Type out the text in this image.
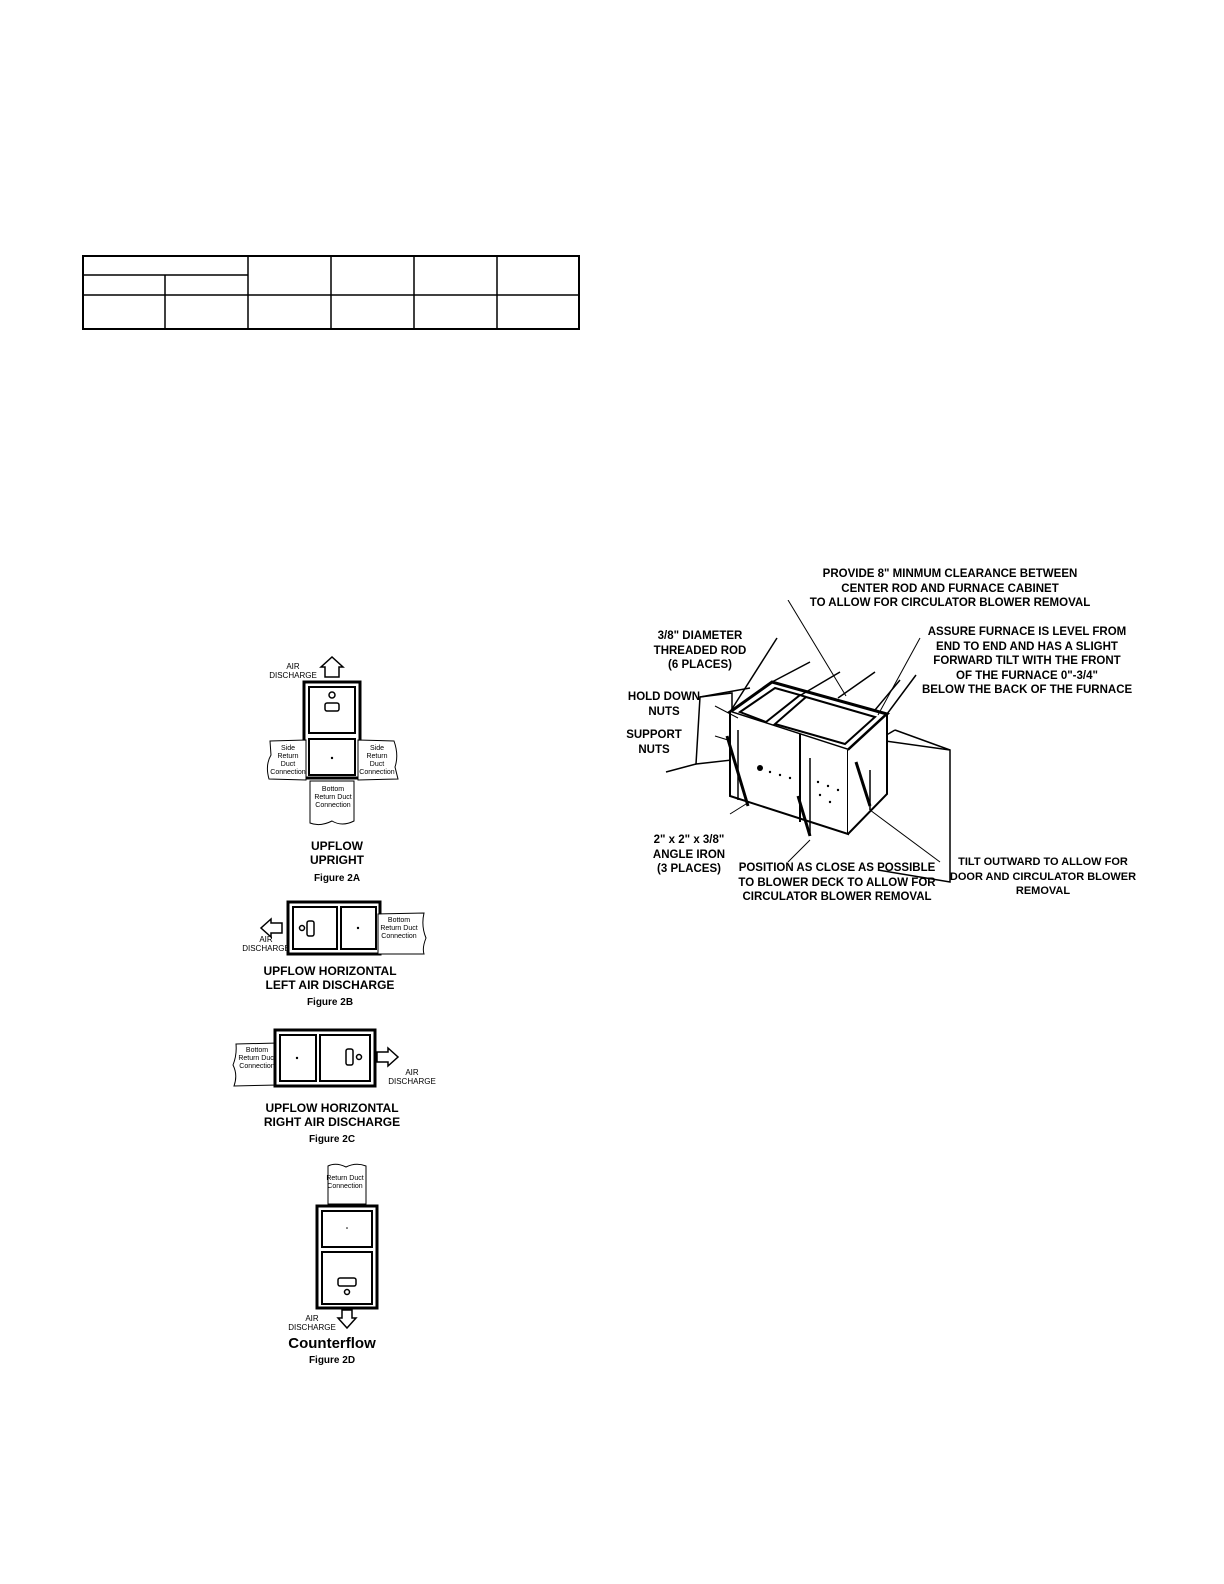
AIR
DISCHARGE
Side Return Duct Connection
Side Return Duct Connection
Bottom Return Duct Connection
UPFLOW
UPRIGHT
Figure 2A
AIR
DISCHARGE
Bottom Return Duct Connection
UPFLOW HORIZONTAL
LEFT AIR DISCHARGE
Figure 2B
Bottom Return Duct Connection
AIR
DISCHARGE
UPFLOW HORIZONTAL
RIGHT AIR DISCHARGE
Figure 2C
Return Duct Connection
AIR
DISCHARGE
Counterflow
Figure 2D
PROVIDE 8" MINMUM CLEARANCE BETWEEN
CENTER ROD AND FURNACE CABINET
TO ALLOW FOR CIRCULATOR BLOWER REMOVAL
3/8" DIAMETER
THREADED ROD
(6 PLACES)
ASSURE FURNACE IS LEVEL FROM
END TO END AND HAS A SLIGHT
FORWARD TILT WITH THE FRONT
OF THE FURNACE 0"-3/4"
BELOW THE BACK OF THE FURNACE
HOLD DOWN
NUTS
SUPPORT
NUTS
2" x 2" x 3/8"
ANGLE IRON
(3 PLACES)	POSITION AS CLOSE AS POSSIBLE
TO BLOWER DECK TO ALLOW FOR
CIRCULATOR BLOWER REMOVAL
TILT OUTWARD TO ALLOW FOR
DOOR AND CIRCULATOR BLOWER
REMOVAL
